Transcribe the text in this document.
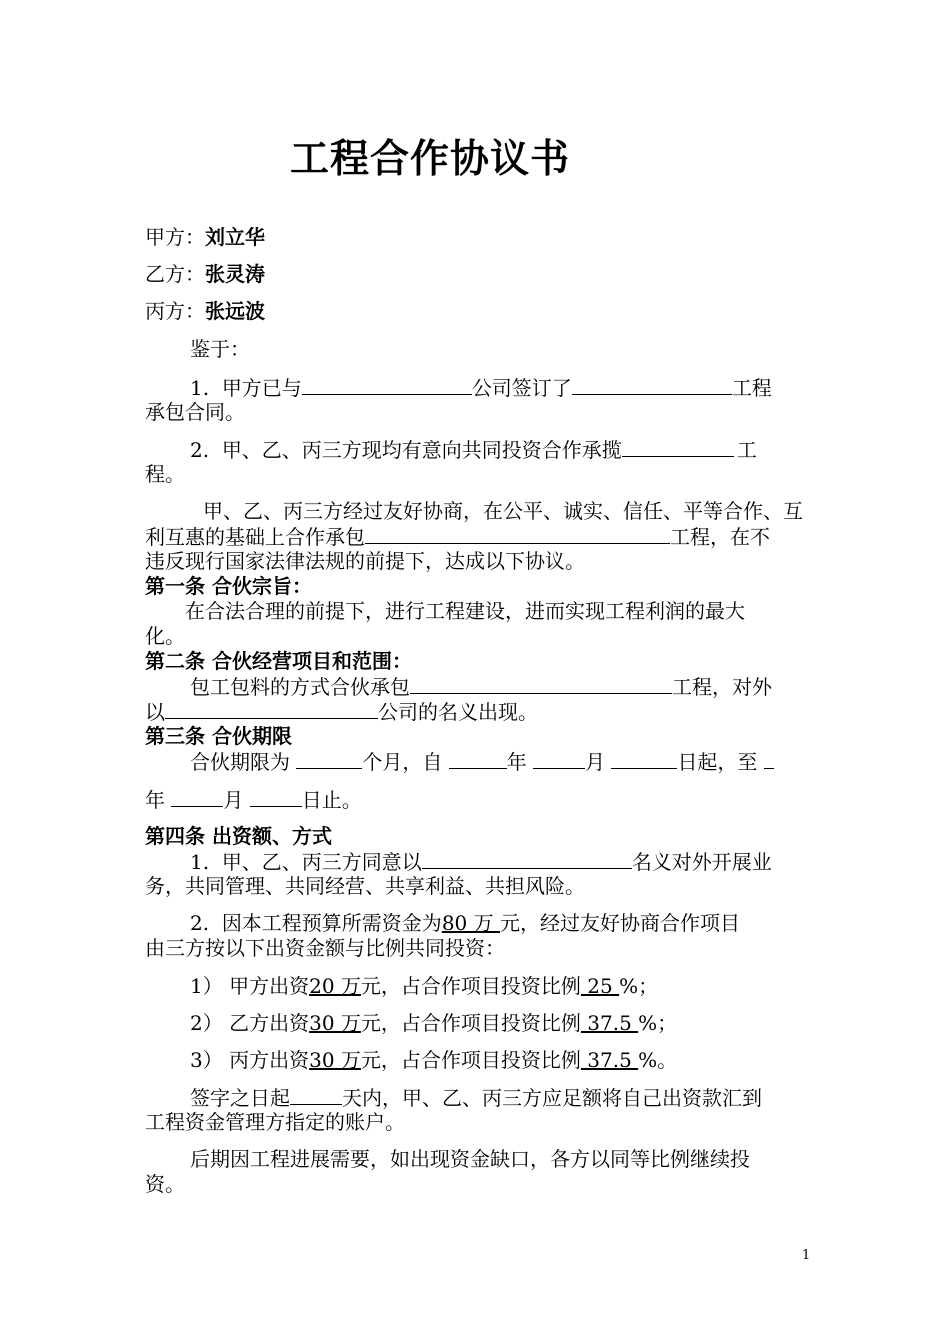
工程合作协议书
甲方：刘立华
乙方：张灵涛
丙方：张远波
鉴于：
1. 甲方已与	公司签订了	工程
承包合同。
2. 甲、乙、丙三方现均有意向共同投资合作承揽	工
程。
甲、乙、丙三方经过友好协商，在公平、诚实、信任、平等合作、互
利互惠的基础上合作承包	工程，在不
违反现行国家法律法规的前提下，达成以下协议。
第一条 合伙宗旨：
在合法合理的前提下，进行工程建设，进而实现工程利润的最大
化。
第二条 合伙经营项目和范围：
包工包料的方式合伙承包	工程，对外
以	公司的名义出现。
第三条 合伙期限
合伙期限为	个月，自	年	月	日起，至
年	月	日止。
第四条 出资额、方式
1. 甲、乙、丙三方同意以	名义对外开展业
务，共同管理、共同经营、共享利益、共担风险。
2. 因本工程预算所需资金为80 万 元，经过友好协商合作项目
由三方按以下出资金额与比例共同投资：
1） 甲方出资20 万元，占合作项目投资比例 25 %；
2） 乙方出资30 万元，占合作项目投资比例 37.5 %；
3） 丙方出资30 万元，占合作项目投资比例 37.5 %。
签字之日起	天内，甲、乙、丙三方应足额将自己出资款汇到
工程资金管理方指定的账户。
后期因工程进展需要，如出现资金缺口，各方以同等比例继续投
资。
1
